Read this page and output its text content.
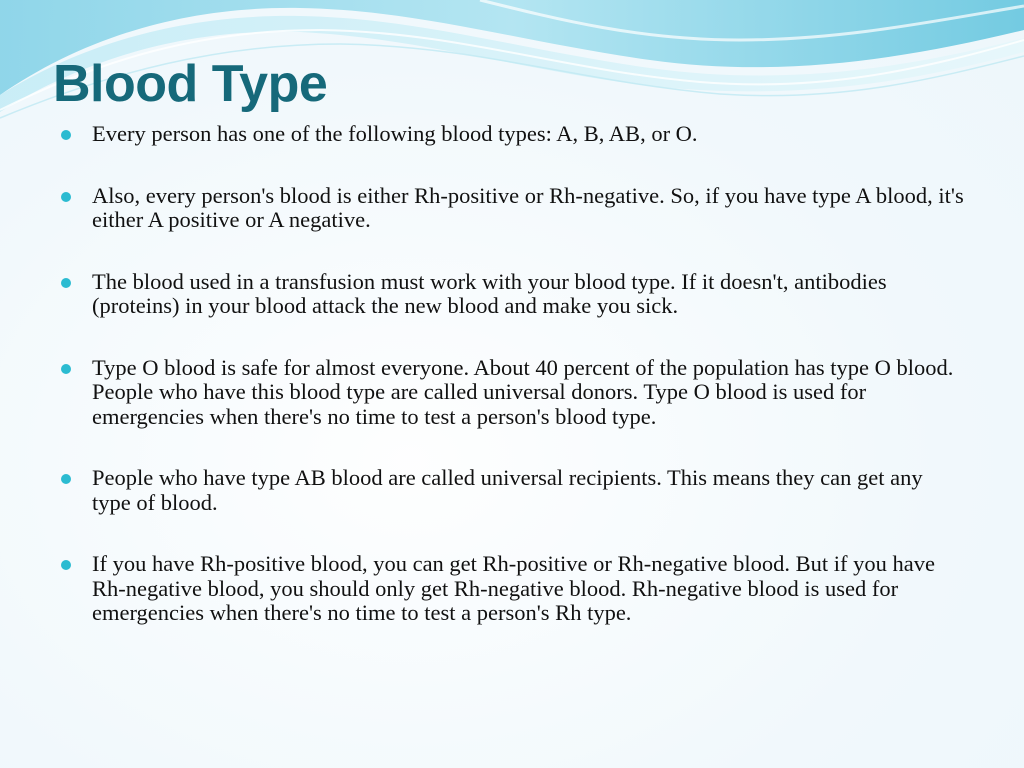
Blood Type
Every person has one of the following blood types: A, B, AB, or O.
Also, every person's blood is either Rh-positive or Rh-negative. So, if you have type A blood, it's either A positive or A negative.
The blood used in a transfusion must work with your blood type. If it doesn't, antibodies (proteins) in your blood attack the new blood and make you sick.
Type O blood is safe for almost everyone. About 40 percent of the population has type O blood. People who have this blood type are called universal donors. Type O blood is used for emergencies when there's no time to test a person's blood type.
People who have type AB blood are called universal recipients. This means they can get any type of blood.
If you have Rh-positive blood, you can get Rh-positive or Rh-negative blood. But if you have Rh-negative blood, you should only get Rh-negative blood. Rh-negative blood is used for emergencies when there's no time to test a person's Rh type.
